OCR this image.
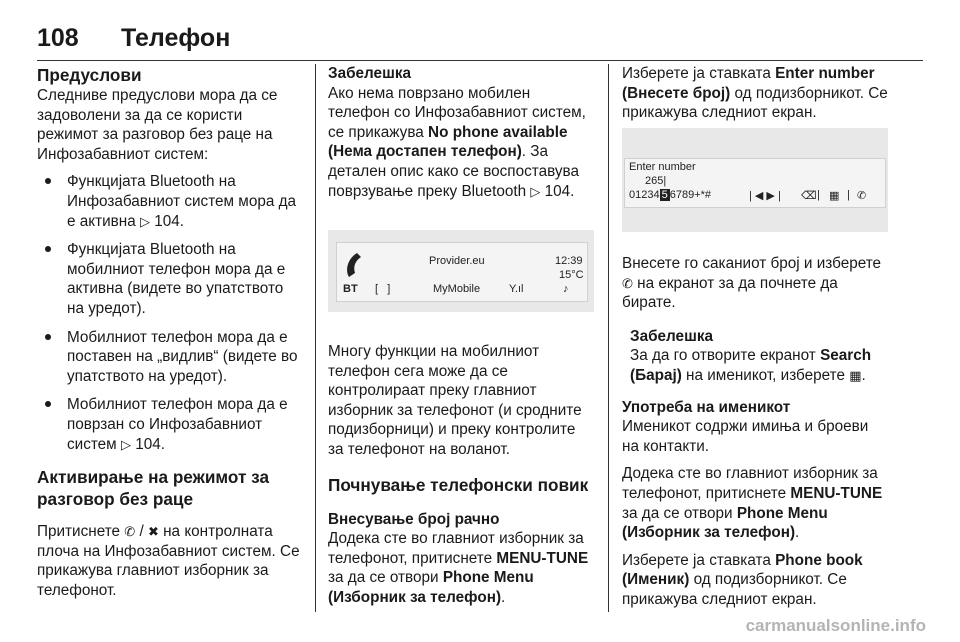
108 Телефон

Предуслови

Следниве предуслови мора да се задоволени за да се користи режимот за разговор без раце на Инфозабавниот систем:

Функцијата Bluetooth на Инфозабавниот систем мора да е активна ▷ 104.
Функцијата Bluetooth на мобилниот телефон мора да е активна (видете во упатството на уредот).
Мобилниот телефон мора да е поставен на „видлив“ (видете во упатството на уредот).
Мобилниот телефон мора да е поврзан со Инфозабавниот систем ▷ 104.

Активирање на режимот за разговор без раце

Притиснете ✆ / ✖ на контролната плоча на Инфозабавниот систем. Се прикажува главниот изборник за телефонот.

Забелешка

Ако нема поврзано мобилен телефон со Инфозабавниот систем, се прикажува No phone available (Нема достапен телефон). За детален опис како се воспоставува поврзување преку Bluetooth ▷ 104.

BT [   ]
Provider.eu
MyMobile
12:39
15°C
Y.ıl	♪

Многу функции на мобилниот телефон сега може да се контролираат преку главниот изборник за телефонот (и сродните подизборници) и преку контролите за телефонот на воланот.

Почнување телефонски повик

Внесување број рачно

Додека сте во главниот изборник за телефонот, притиснете MENU-TUNE за да се отвори Phone Menu (Изборник за телефон).

Изберете ја ставката Enter number (Внесете број) од подизборникот. Се прикажува следниот екран.

Enter number
265|
01234 5 6789+*#	| ◀ ▶ | ⌫ | ▦ | ✆

Внесете го саканиот број и изберете ✆ на екранот за да почнете да бирате.

Забелешка

За да го отворите екранот Search (Барај) на именикот, изберете ▦.

Употреба на именикот

Именикот содржи имиња и броеви на контакти.

Додека сте во главниот изборник за телефонот, притиснете MENU-TUNE за да се отвори Phone Menu (Изборник за телефон).

Изберете ја ставката Phone book (Именик) од подизборникот. Се прикажува следниот екран.

carmanualsonline.info
